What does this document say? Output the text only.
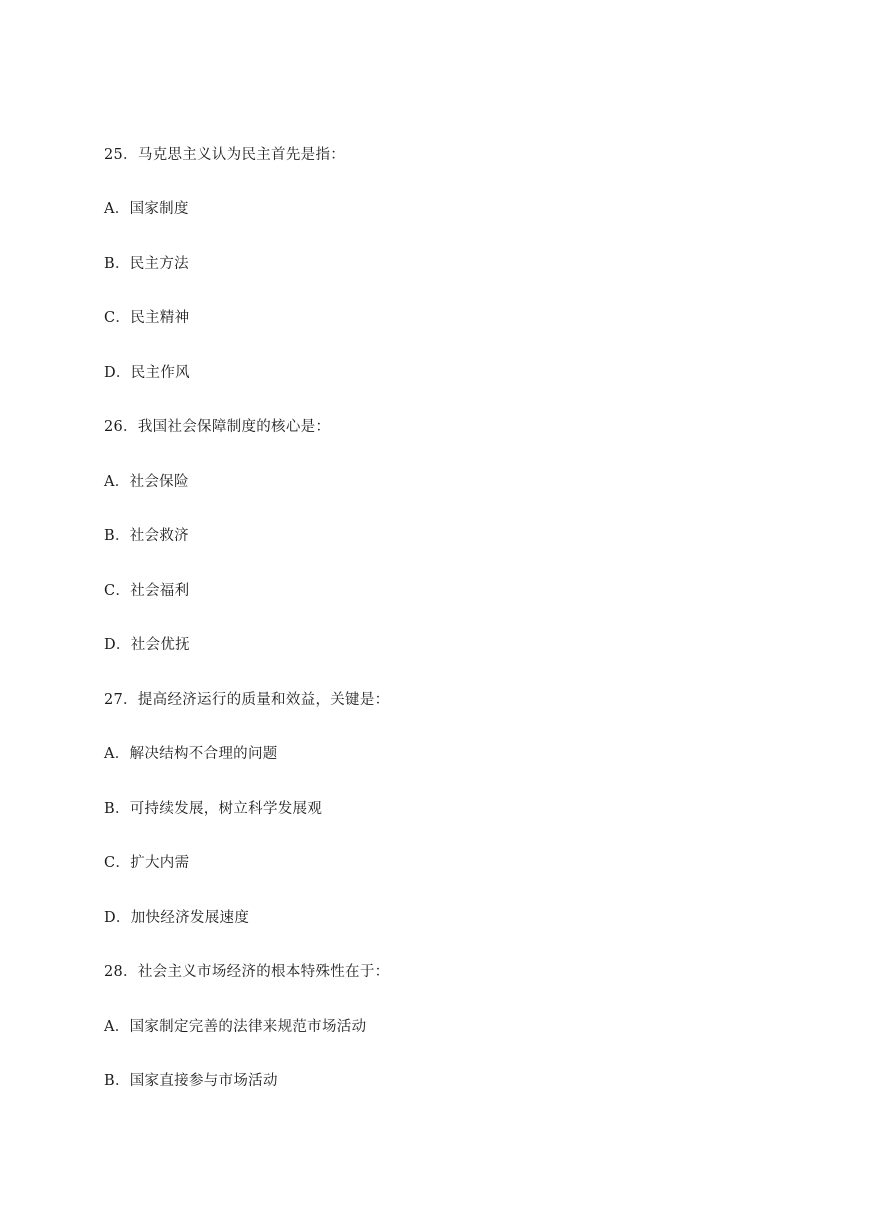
25．马克思主义认为民主首先是指：
A．国家制度
B．民主方法
C．民主精神
D．民主作风
26．我国社会保障制度的核心是：
A．社会保险
B．社会救济
C．社会福利
D．社会优抚
27．提高经济运行的质量和效益，关键是：
A．解决结构不合理的问题
B．可持续发展，树立科学发展观
C．扩大内需
D．加快经济发展速度
28．社会主义市场经济的根本特殊性在于：
A．国家制定完善的法律来规范市场活动
B．国家直接参与市场活动
